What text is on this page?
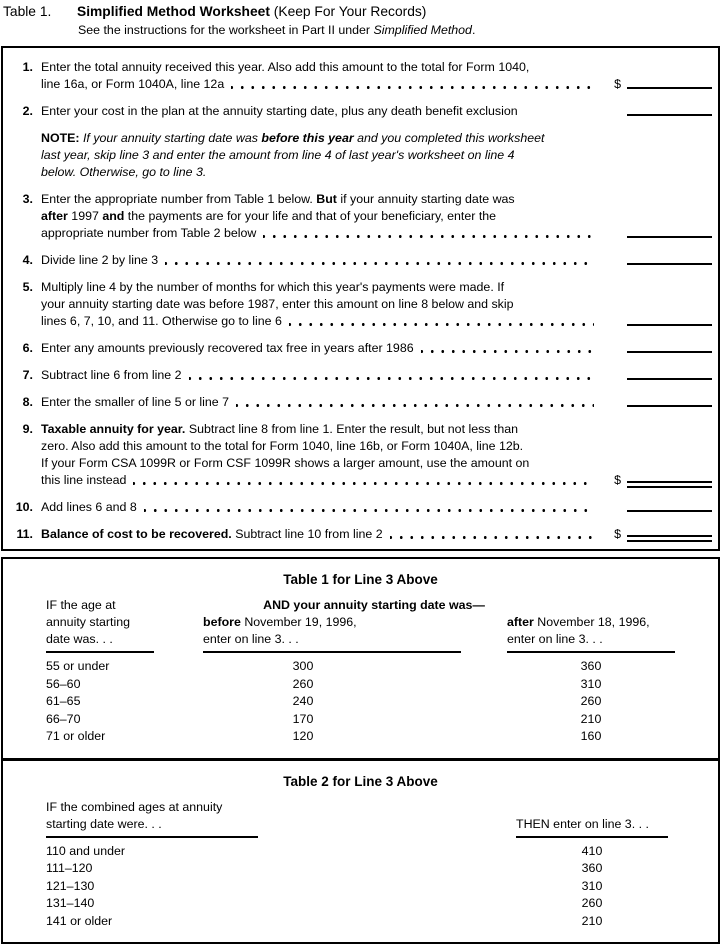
Table 1. Simplified Method Worksheet (Keep For Your Records)
See the instructions for the worksheet in Part II under Simplified Method.
1. Enter the total annuity received this year. Also add this amount to the total for Form 1040,
line 16a, or Form 1040A, line 12a	$
2. Enter your cost in the plan at the annuity starting date, plus any death benefit exclusion
NOTE: If your annuity starting date was before this year and you completed this worksheet
last year, skip line 3 and enter the amount from line 4 of last year's worksheet on line 4
below. Otherwise, go to line 3.
3. Enter the appropriate number from Table 1 below. But if your annuity starting date was
after 1997 and the payments are for your life and that of your beneficiary, enter the
appropriate number from Table 2 below
4. Divide line 2 by line 3
5. Multiply line 4 by the number of months for which this year's payments were made. If
your annuity starting date was before 1987, enter this amount on line 8 below and skip
lines 6, 7, 10, and 11. Otherwise go to line 6
6. Enter any amounts previously recovered tax free in years after 1986
7. Subtract line 6 from line 2
8. Enter the smaller of line 5 or line 7
9. Taxable annuity for year. Subtract line 8 from line 1. Enter the result, but not less than
zero. Also add this amount to the total for Form 1040, line 16b, or Form 1040A, line 12b.
If your Form CSA 1099R or Form CSF 1099R shows a larger amount, use the amount on
this line instead	$
10. Add lines 6 and 8
11. Balance of cost to be recovered. Subtract line 10 from line 2	$
Table 1 for Line 3 Above
IF the age at annuity starting date was. . .
AND your annuity starting date was—
before November 19, 1996,
enter on line 3. . .
after November 18, 1996,
enter on line 3. . .
55 or under	300	360
56–60	260	310
61–65	240	260
66–70	170	210
71 or older	120	160
Table 2 for Line 3 Above
IF the combined ages at annuity starting date were. . .	THEN enter on line 3. . .
110 and under	410
111–120	360
121–130	310
131–140	260
141 or older	210
